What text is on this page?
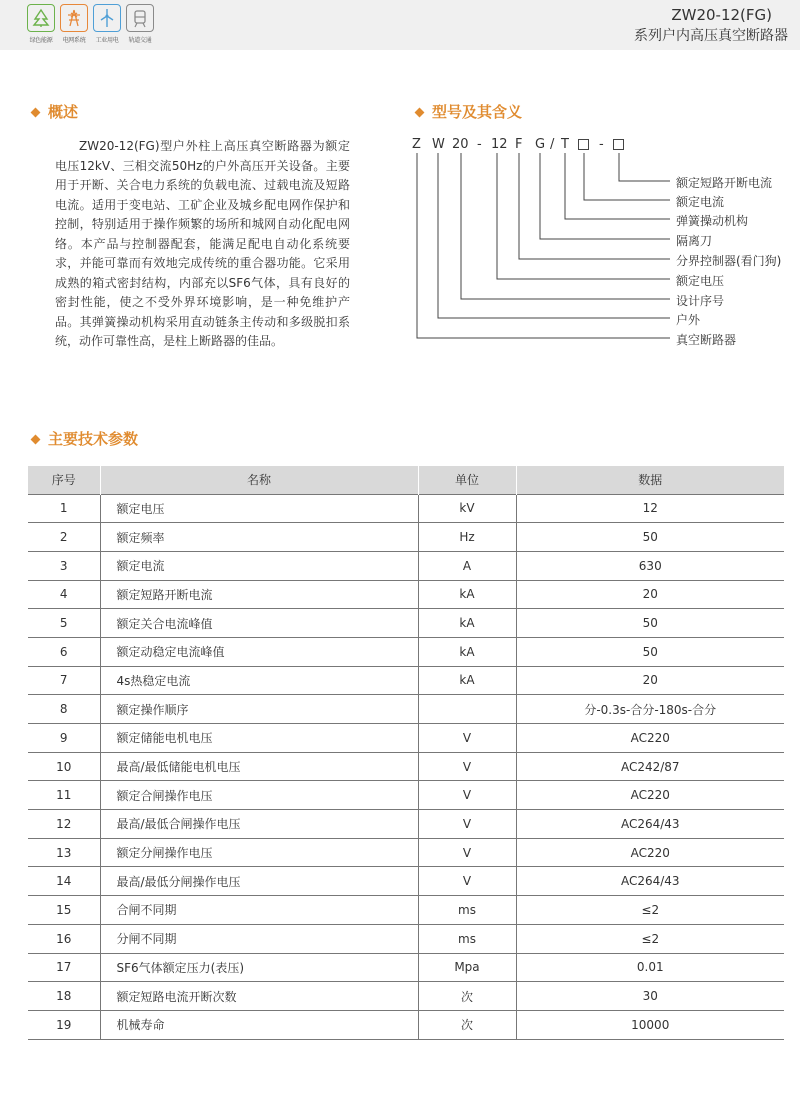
绿色能源	电网系统	工业用电	轨道交通
ZW20-12(FG)
系列户内高压真空断路器
概述
ZW20-12(FG)型户外柱上高压真空断路器为额定电压12kV、三相交流50Hz的户外高压开关设备。主要用于开断、关合电力系统的负载电流、过载电流及短路电流。适用于变电站、工矿企业及城乡配电网作保护和控制，特别适用于操作频繁的场所和城网自动化配电网络。本产品与控制器配套，能满足配电自动化系统要求，并能可靠而有效地完成传统的重合器功能。它采用成熟的箱式密封结构，内部充以SF6气体，具有良好的密封性能，使之不受外界环境影响，是一种免维护产品。其弹簧操动机构采用直动链条主传动和多级脱扣系统，动作可靠性高，是柱上断路器的佳品。
型号及其含义
Z W 20 - 12 F G / T -
额定短路开断电流
额定电流
弹簧操动机构
隔离刀
分界控制器(看门狗)
额定电压
设计序号
户外
真空断路器
主要技术参数
序号	名称	单位	数据
1	额定电压	kV	12
2	额定频率	Hz	50
3	额定电流	A	630
4	额定短路开断电流	kA	20
5	额定关合电流峰值	kA	50
6	额定动稳定电流峰值	kA	50
7	4s热稳定电流	kA	20
8	额定操作顺序		分-0.3s-合分-180s-合分
9	额定储能电机电压	V	AC220
10	最高/最低储能电机电压	V	AC242/87
11	额定合闸操作电压	V	AC220
12	最高/最低合闸操作电压	V	AC264/43
13	额定分闸操作电压	V	AC220
14	最高/最低分闸操作电压	V	AC264/43
15	合闸不同期	ms	≤2
16	分闸不同期	ms	≤2
17	SF6气体额定压力(表压)	Mpa	0.01
18	额定短路电流开断次数	次	30
19	机械寿命	次	10000
